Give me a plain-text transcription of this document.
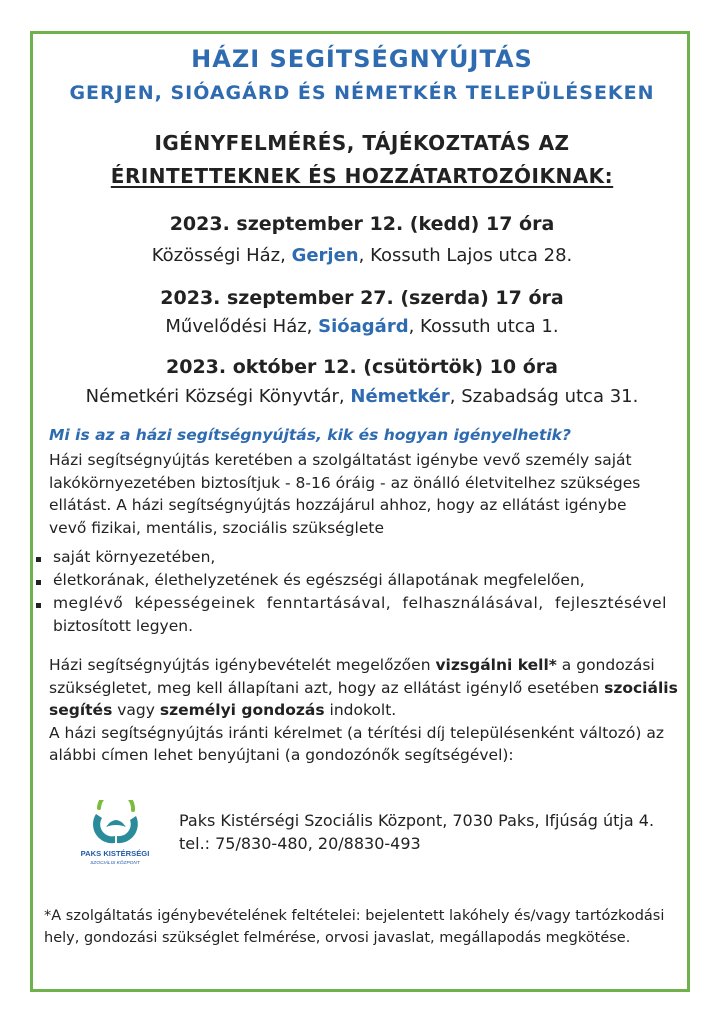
HÁZI SEGÍTSÉGNYÚJTÁS
GERJEN, SIÓAGÁRD ÉS NÉMETKÉR TELEPÜLÉSEKEN
IGÉNYFELMÉRÉS, TÁJÉKOZTATÁS AZ
ÉRINTETTEKNEK ÉS HOZZÁTARTOZÓIKNAK:
2023. szeptember 12. (kedd) 17 óra
Közösségi Ház, Gerjen, Kossuth Lajos utca 28.
2023. szeptember 27. (szerda) 17 óra
Művelődési Ház, Sióagárd, Kossuth utca 1.
2023. október 12. (csütörtök) 10 óra
Németkéri Községi Könyvtár, Németkér, Szabadság utca 31.
Mi is az a házi segítségnyújtás, kik és hogyan igényelhetik?
Házi segítségnyújtás keretében a szolgáltatást igénybe vevő személy saját
lakókörnyezetében biztosítjuk - 8-16 óráig - az önálló életvitelhez szükséges
ellátást. A házi segítségnyújtás hozzájárul ahhoz, hogy az ellátást igénybe
vevő fizikai, mentális, szociális szükséglete
saját környezetében,
életkorának, élethelyzetének és egészségi állapotának megfelelően,
meglévő képességeinek fenntartásával, felhasználásával, fejlesztésével
biztosított legyen.
Házi segítségnyújtás igénybevételét megelőzően vizsgálni kell* a gondozási
szükségletet, meg kell állapítani azt, hogy az ellátást igénylő esetében szociális
segítés vagy személyi gondozás indokolt.
A házi segítségnyújtás iránti kérelmet (a térítési díj településenként változó) az
alábbi címen lehet benyújtani (a gondozónők segítségével):
PAKS KISTÉRSÉGI
SZOCIÁLIS KÖZPONT
Paks Kistérségi Szociális Központ, 7030 Paks, Ifjúság útja 4.
tel.: 75/830-480, 20/8830-493
*A szolgáltatás igénybevételének feltételei: bejelentett lakóhely és/vagy tartózkodási
hely, gondozási szükséglet felmérése, orvosi javaslat, megállapodás megkötése.
